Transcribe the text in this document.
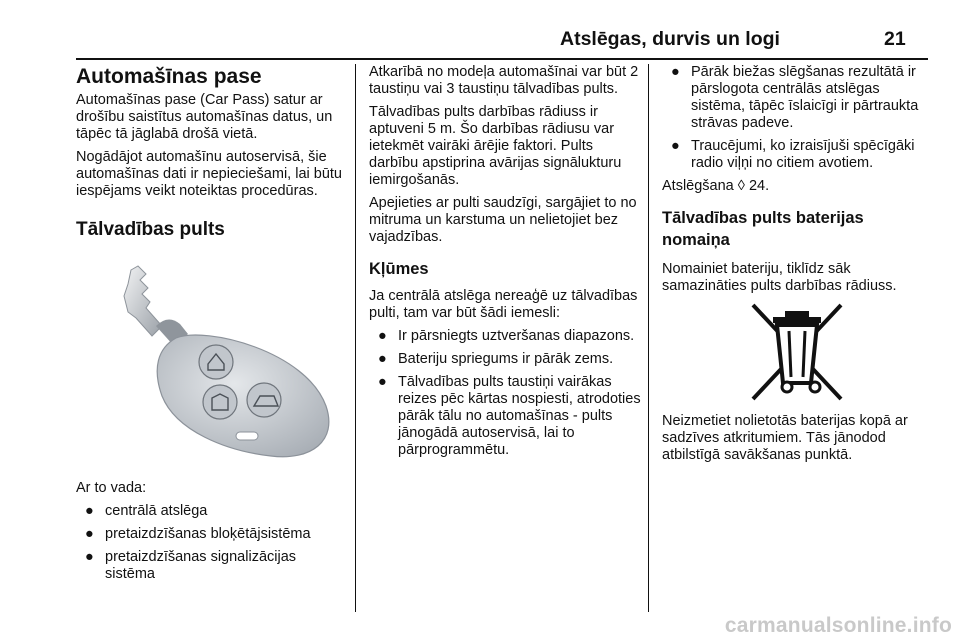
Atslēgas, durvis un logi	21
Automašīnas pase
Automašīnas pase (Car Pass) satur ar drošību saistītus automašīnas datus, un tāpēc tā jāglabā drošā vietā.
Nogādājot automašīnu autoservisā, šie automašīnas dati ir nepieciešami, lai būtu iespējams veikt noteiktas procedūras.
Tālvadības pults
Ar to vada:
● centrālā atslēga
● pretaizdzīšanas bloķētājsistēma
● pretaizdzīšanas signalizācijas sistēma
Atkarībā no modeļa automašīnai var būt 2 taustiņu vai 3 taustiņu tālvadības pults.
Tālvadības pults darbības rādiuss ir aptuveni 5 m. Šo darbības rādiusu var ietekmēt vairāki ārējie faktori. Pults darbību apstiprina avārijas signālukturu iemirgošanās.
Apejieties ar pulti saudzīgi, sargājiet to no mitruma un karstuma un nelietojiet bez vajadzības.
Kļūmes
Ja centrālā atslēga nereaģē uz tālvadības pulti, tam var būt šādi iemesli:
● Ir pārsniegts uztveršanas diapazons.
● Bateriju spriegums ir pārāk zems.
● Tālvadības pults taustiņi vairākas reizes pēc kārtas nospiesti, atrodoties pārāk tālu no automašīnas - pults jānogādā autoservisā, lai to pārprogrammētu.
● Pārāk biežas slēgšanas rezultātā ir pārslogota centrālās atslēgas sistēma, tāpēc īslaicīgi ir pārtraukta strāvas padeve.
● Traucējumi, ko izraisījuši spēcīgāki radio viļņi no citiem avotiem.
Atslēgšana ◊ 24.
Tālvadības pults baterijas nomaiņa
Nomainiet bateriju, tiklīdz sāk samazināties pults darbības rādiuss.
Neizmetiet nolietotās baterijas kopā ar sadzīves atkritumiem. Tās jānodod atbilstīgā savākšanas punktā.
carmanualsonline.info
